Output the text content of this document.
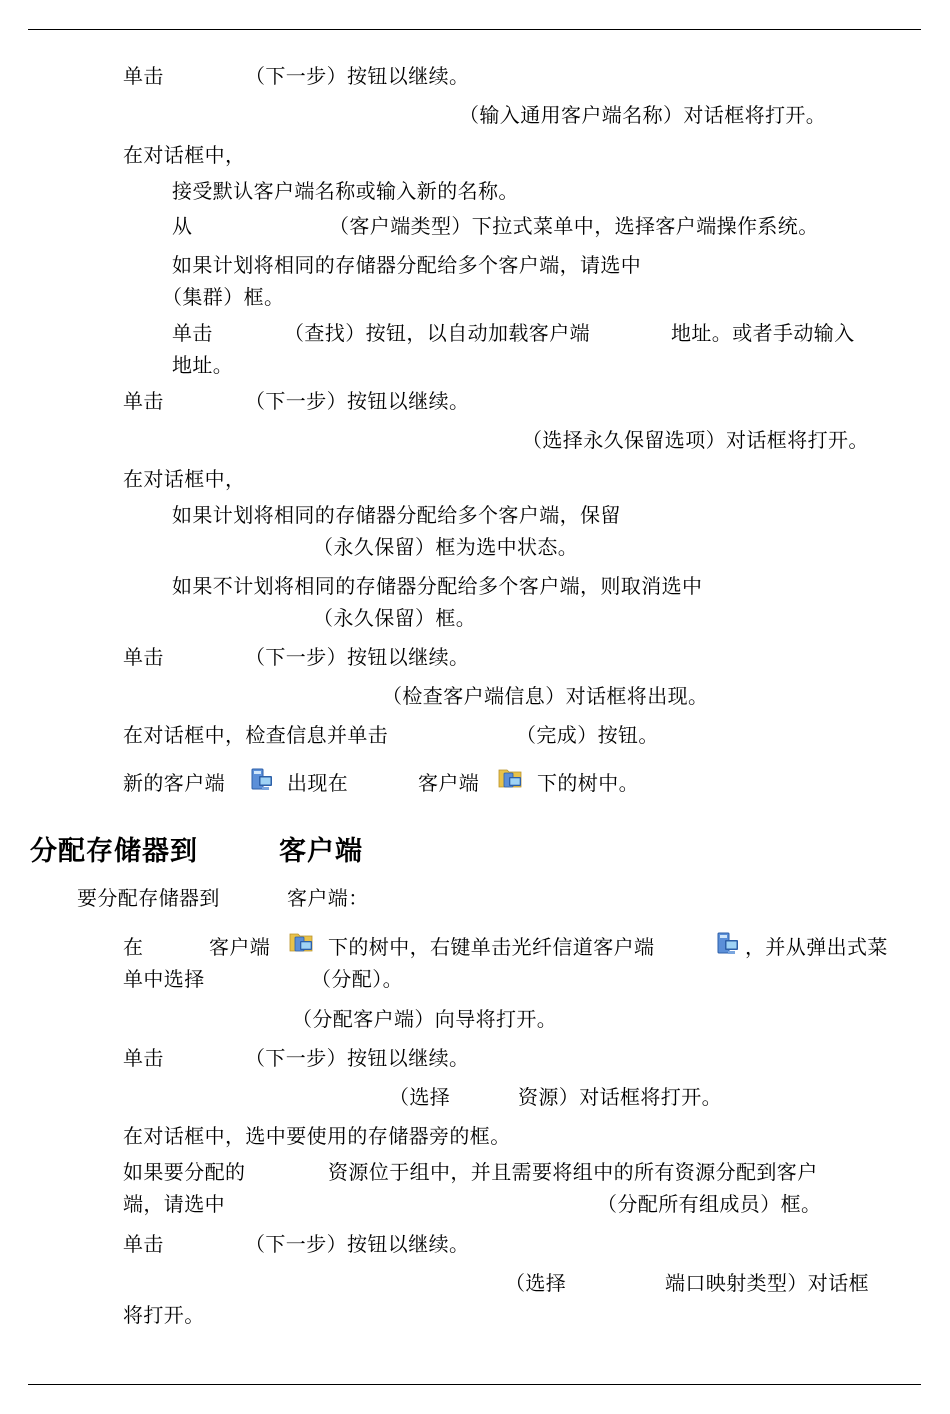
单击	（下一步）按钮以继续。
（输入通用客户端名称）对话框将打开。
在对话框中，
接受默认客户端名称或输入新的名称。
从	（客户端类型）下拉式菜单中，选择客户端操作系统。
如果计划将相同的存储器分配给多个客户端，请选中
（集群）框。
单击	（查找）按钮，以自动加载客户端	地址。或者手动输入
地址。
单击	（下一步）按钮以继续。
（选择永久保留选项）对话框将打开。
在对话框中，
如果计划将相同的存储器分配给多个客户端，保留
（永久保留）框为选中状态。
如果不计划将相同的存储器分配给多个客户端，则取消选中
（永久保留）框。
单击	（下一步）按钮以继续。
（检查客户端信息）对话框将出现。
在对话框中，检查信息并单击	（完成）按钮。
新的客户端	出现在	客户端	下的树中。
分配存储器到	客户端
要分配存储器到	客户端：
在	客户端	下的树中，右键单击光纤信道客户端	，并从弹出式菜
单中选择	（分配）。
（分配客户端）向导将打开。
单击	（下一步）按钮以继续。
（选择	资源）对话框将打开。
在对话框中，选中要使用的存储器旁的框。
如果要分配的	资源位于组中，并且需要将组中的所有资源分配到客户
端，请选中	（分配所有组成员）框。
单击	（下一步）按钮以继续。
（选择	端口映射类型）对话框
将打开。
